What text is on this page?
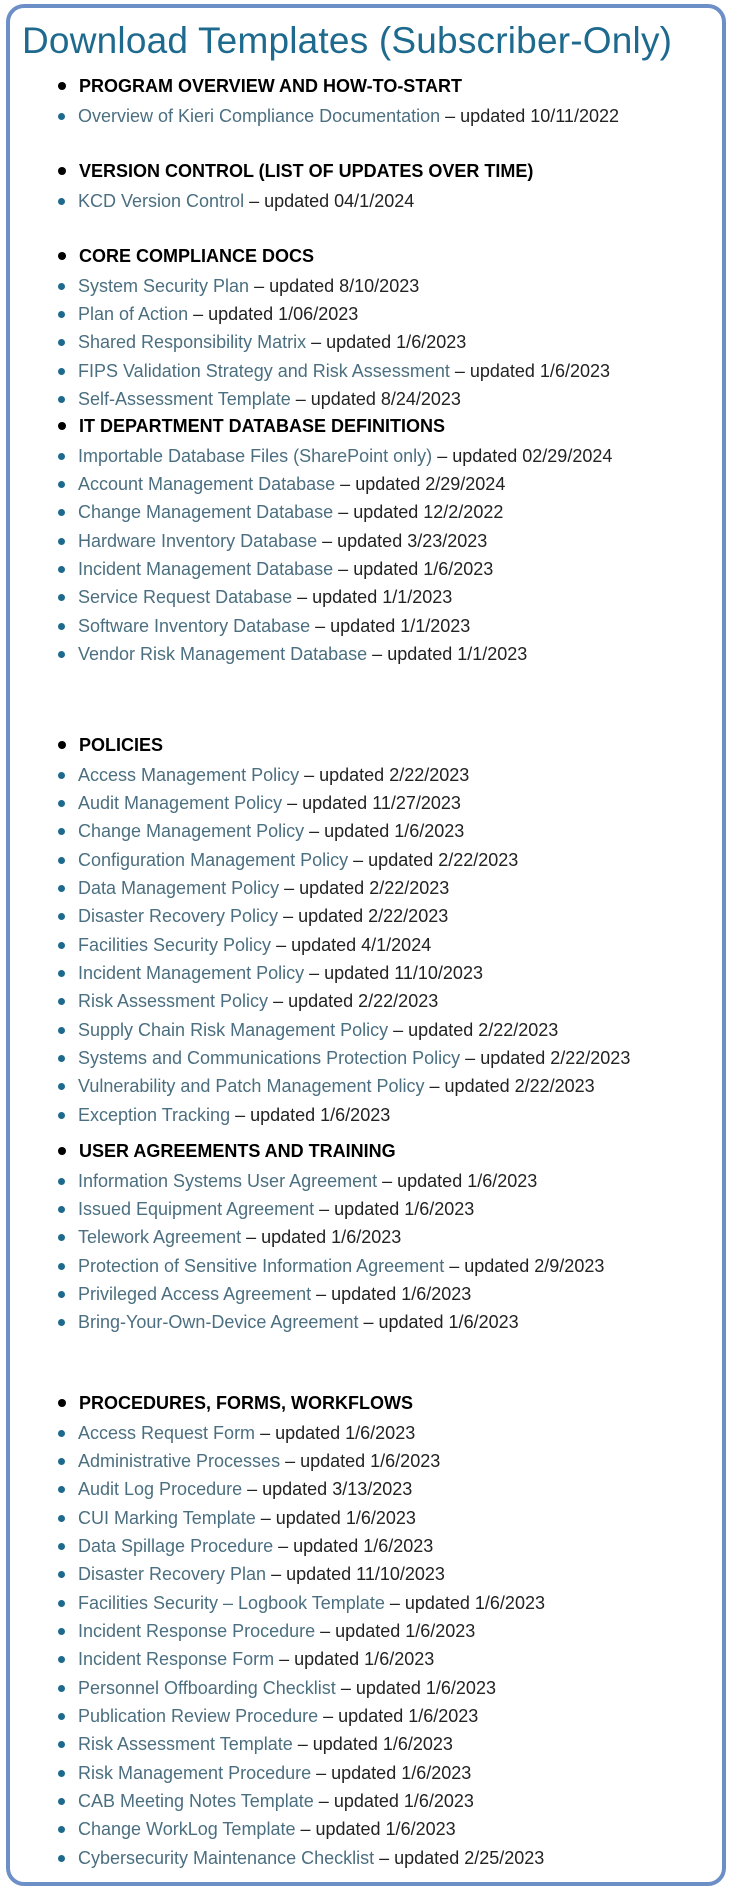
Download Templates (Subscriber-Only)
PROGRAM OVERVIEW AND HOW-TO-START
Overview of Kieri Compliance Documentation – updated 10/11/2022
VERSION CONTROL (LIST OF UPDATES OVER TIME)
KCD Version Control – updated 04/1/2024
CORE COMPLIANCE DOCS
System Security Plan – updated 8/10/2023
Plan of Action – updated 1/06/2023
Shared Responsibility Matrix – updated 1/6/2023
FIPS Validation Strategy and Risk Assessment – updated 1/6/2023
Self-Assessment Template – updated 8/24/2023
IT DEPARTMENT DATABASE DEFINITIONS
Importable Database Files (SharePoint only) – updated 02/29/2024
Account Management Database – updated 2/29/2024
Change Management Database – updated 12/2/2022
Hardware Inventory Database – updated 3/23/2023
Incident Management Database – updated 1/6/2023
Service Request Database – updated 1/1/2023
Software Inventory Database – updated 1/1/2023
Vendor Risk Management Database – updated 1/1/2023
POLICIES
Access Management Policy – updated 2/22/2023
Audit Management Policy – updated 11/27/2023
Change Management Policy – updated 1/6/2023
Configuration Management Policy – updated 2/22/2023
Data Management Policy – updated 2/22/2023
Disaster Recovery Policy – updated 2/22/2023
Facilities Security Policy – updated 4/1/2024
Incident Management Policy – updated 11/10/2023
Risk Assessment Policy – updated 2/22/2023
Supply Chain Risk Management Policy – updated 2/22/2023
Systems and Communications Protection Policy – updated 2/22/2023
Vulnerability and Patch Management Policy – updated 2/22/2023
Exception Tracking – updated 1/6/2023
USER AGREEMENTS AND TRAINING
Information Systems User Agreement – updated 1/6/2023
Issued Equipment Agreement – updated 1/6/2023
Telework Agreement – updated 1/6/2023
Protection of Sensitive Information Agreement – updated 2/9/2023
Privileged Access Agreement – updated 1/6/2023
Bring-Your-Own-Device Agreement – updated 1/6/2023
PROCEDURES, FORMS, WORKFLOWS
Access Request Form – updated 1/6/2023
Administrative Processes – updated 1/6/2023
Audit Log Procedure – updated 3/13/2023
CUI Marking Template – updated 1/6/2023
Data Spillage Procedure – updated 1/6/2023
Disaster Recovery Plan – updated 11/10/2023
Facilities Security – Logbook Template – updated 1/6/2023
Incident Response Procedure – updated 1/6/2023
Incident Response Form – updated 1/6/2023
Personnel Offboarding Checklist – updated 1/6/2023
Publication Review Procedure – updated 1/6/2023
Risk Assessment Template – updated 1/6/2023
Risk Management Procedure – updated 1/6/2023
CAB Meeting Notes Template – updated 1/6/2023
Change WorkLog Template – updated 1/6/2023
Cybersecurity Maintenance Checklist – updated 2/25/2023
